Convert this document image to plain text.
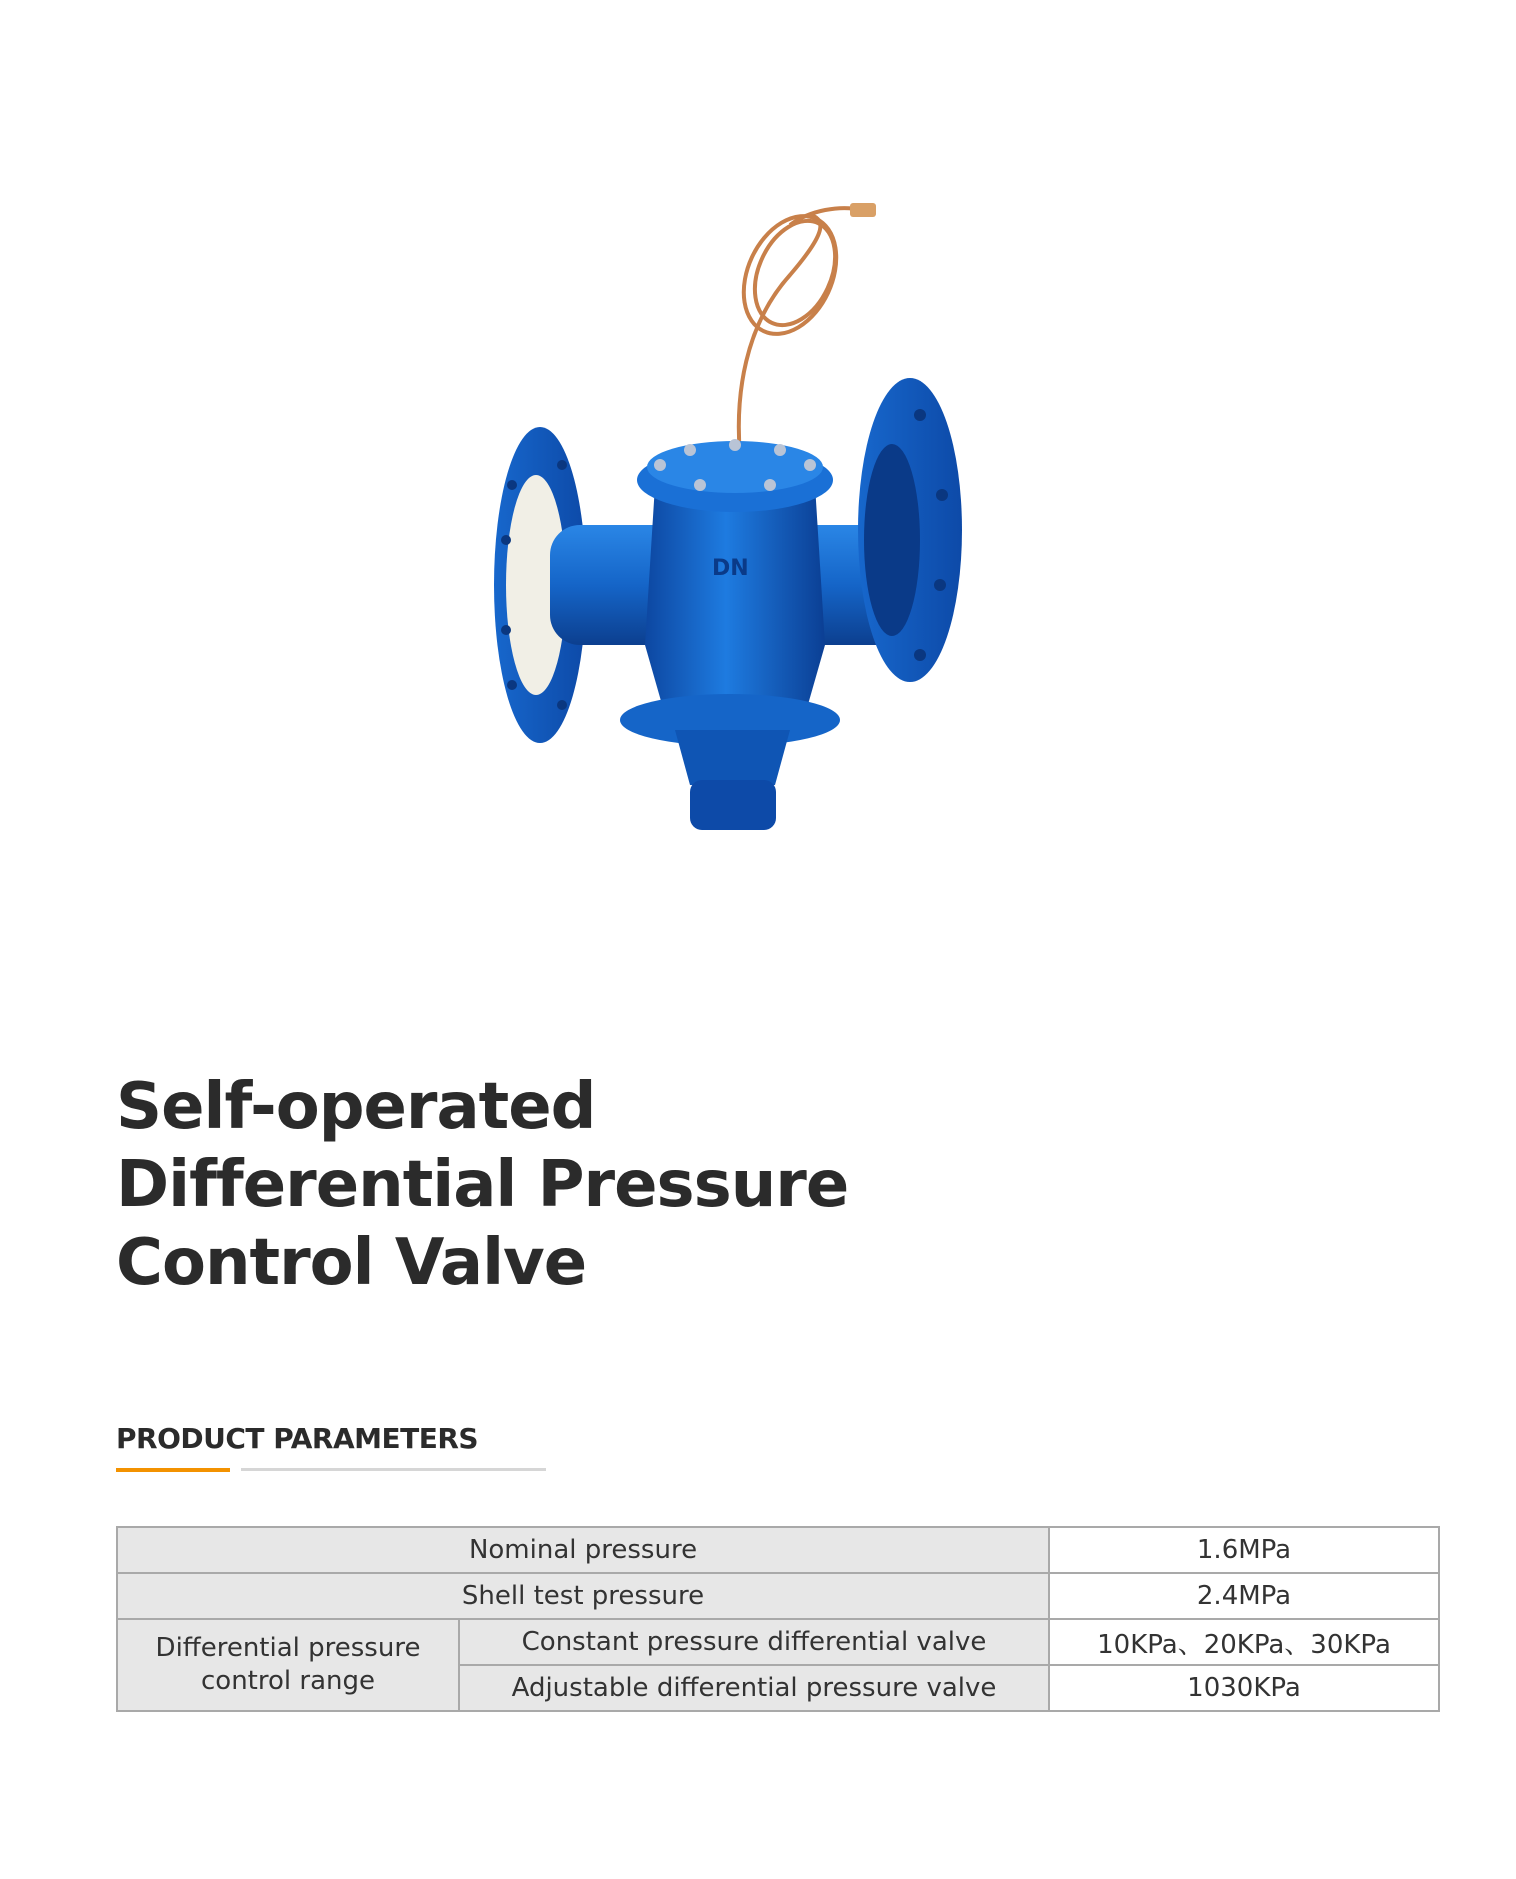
DN
Self-operated
Differential Pressure
Control Valve
PRODUCT PARAMETERS
Nominal pressure		1.6MPa
Shell test pressure		2.4MPa

Differential pressure
control range	Constant pressure differential valve	10KPa、20KPa、30KPa
	Adjustable differential pressure valve	1030KPa
